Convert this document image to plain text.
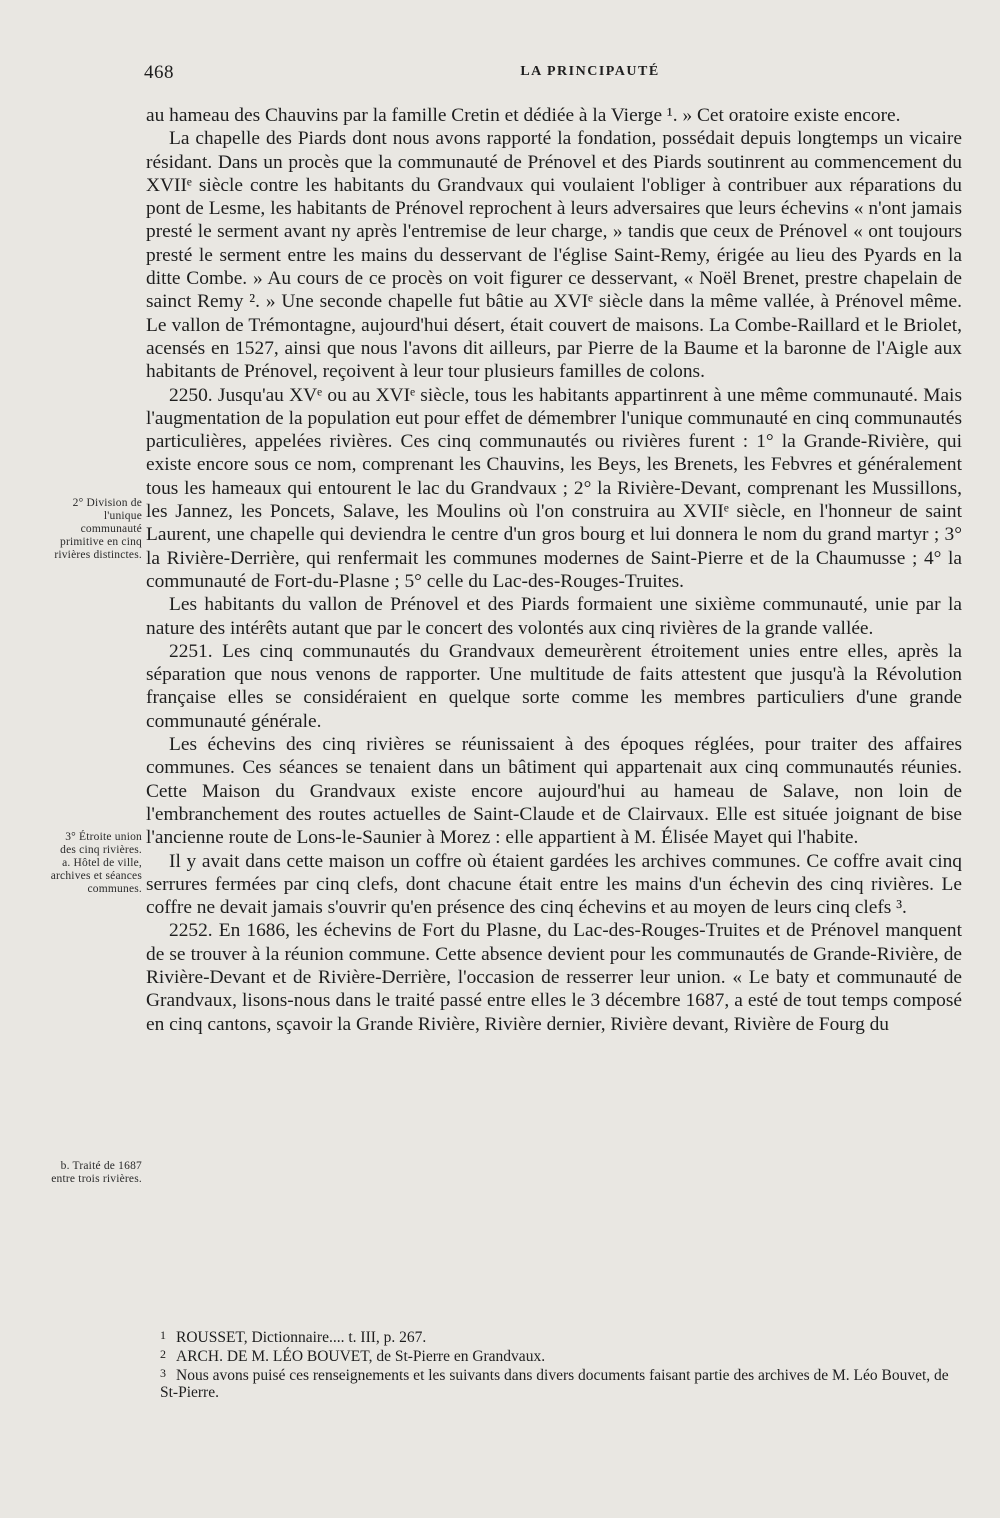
468	LA PRINCIPAUTÉ
2° Division de l'unique communauté primitive en cinq rivières distinctes.
3° Étroite union des cinq rivières. a. Hôtel de ville, archives et séances communes.
b. Traité de 1687 entre trois rivières.

au hameau des Chauvins par la famille Cretin et dédiée à la Vierge ¹. » Cet oratoire existe encore.

La chapelle des Piards dont nous avons rapporté la fondation, possédait depuis longtemps un vicaire résidant. Dans un procès que la communauté de Prénovel et des Piards soutinrent au commencement du XVIIᵉ siècle contre les habitants du Grandvaux qui voulaient l'obliger à contribuer aux réparations du pont de Lesme, les habitants de Prénovel reprochent à leurs adversaires que leurs échevins « n'ont jamais presté le serment avant ny après l'entremise de leur charge, » tandis que ceux de Prénovel « ont toujours presté le serment entre les mains du desservant de l'église Saint-Remy, érigée au lieu des Pyards en la ditte Combe. » Au cours de ce procès on voit figurer ce desservant, « Noël Brenet, prestre chapelain de sainct Remy ². » Une seconde chapelle fut bâtie au XVIᵉ siècle dans la même vallée, à Prénovel même. Le vallon de Trémontagne, aujourd'hui désert, était couvert de maisons. La Combe-Raillard et le Briolet, acensés en 1527, ainsi que nous l'avons dit ailleurs, par Pierre de la Baume et la baronne de l'Aigle aux habitants de Prénovel, reçoivent à leur tour plusieurs familles de colons.

2250. Jusqu'au XVᵉ ou au XVIᵉ siècle, tous les habitants appartinrent à une même communauté. Mais l'augmentation de la population eut pour effet de démembrer l'unique communauté en cinq communautés particulières, appelées rivières. Ces cinq communautés ou rivières furent : 1° la Grande-Rivière, qui existe encore sous ce nom, comprenant les Chauvins, les Beys, les Brenets, les Febvres et généralement tous les hameaux qui entourent le lac du Grandvaux ; 2° la Rivière-Devant, comprenant les Mussillons, les Jannez, les Poncets, Salave, les Moulins où l'on construira au XVIIᵉ siècle, en l'honneur de saint Laurent, une chapelle qui deviendra le centre d'un gros bourg et lui donnera le nom du grand martyr ; 3° la Rivière-Derrière, qui renfermait les communes modernes de Saint-Pierre et de la Chaumusse ; 4° la communauté de Fort-du-Plasne ; 5° celle du Lac-des-Rouges-Truites.

Les habitants du vallon de Prénovel et des Piards formaient une sixième communauté, unie par la nature des intérêts autant que par le concert des volontés aux cinq rivières de la grande vallée.

2251. Les cinq communautés du Grandvaux demeurèrent étroitement unies entre elles, après la séparation que nous venons de rapporter. Une multitude de faits attestent que jusqu'à la Révolution française elles se considéraient en quelque sorte comme les membres particuliers d'une grande communauté générale.

Les échevins des cinq rivières se réunissaient à des époques réglées, pour traiter des affaires communes. Ces séances se tenaient dans un bâtiment qui appartenait aux cinq communautés réunies. Cette Maison du Grandvaux existe encore aujourd'hui au hameau de Salave, non loin de l'embranchement des routes actuelles de Saint-Claude et de Clairvaux. Elle est située joignant de bise l'ancienne route de Lons-le-Saunier à Morez : elle appartient à M. Élisée Mayet qui l'habite.

Il y avait dans cette maison un coffre où étaient gardées les archives communes. Ce coffre avait cinq serrures fermées par cinq clefs, dont chacune était entre les mains d'un échevin des cinq rivières. Le coffre ne devait jamais s'ouvrir qu'en présence des cinq échevins et au moyen de leurs cinq clefs ³.

2252. En 1686, les échevins de Fort du Plasne, du Lac-des-Rouges-Truites et de Prénovel manquent de se trouver à la réunion commune. Cette absence devient pour les communautés de Grande-Rivière, de Rivière-Devant et de Rivière-Derrière, l'occasion de resserrer leur union. « Le baty et communauté de Grandvaux, lisons-nous dans le traité passé entre elles le 3 décembre 1687, a esté de tout temps composé en cinq cantons, sçavoir la Grande Rivière, Rivière dernier, Rivière devant, Rivière de Fourg du

1 ROUSSET, Dictionnaire.... t. III, p. 267.

2 ARCH. DE M. LÉO BOUVET, de St-Pierre en Grandvaux.

3 Nous avons puisé ces renseignements et les suivants dans divers documents faisant partie des archives de M. Léo Bouvet, de St-Pierre.
